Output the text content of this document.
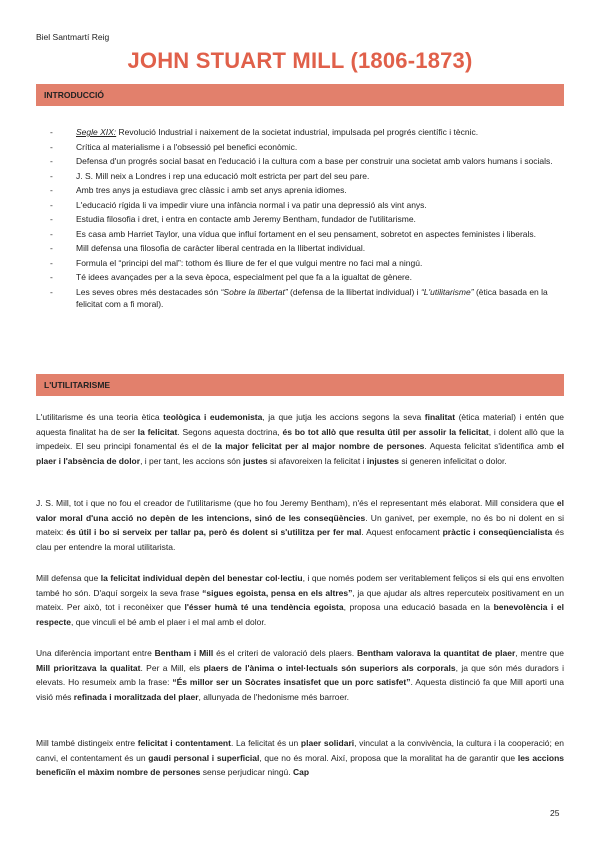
Biel Santmartí Reig
JOHN STUART MILL (1806-1873)
INTRODUCCIÓ
-	Segle XIX: Revolució Industrial i naixement de la societat industrial, impulsada pel progrés científic i tècnic.
-	Crítica al materialisme i a l'obsessió pel benefici econòmic.
-	Defensa d'un progrés social basat en l'educació i la cultura com a base per construir una societat amb valors humans i socials.
-	J. S. Mill neix a Londres i rep una educació molt estricta per part del seu pare.
-	Amb tres anys ja estudiava grec clàssic i amb set anys aprenia idiomes.
-	L'educació rígida li va impedir viure una infància normal i va patir una depressió als vint anys.
-	Estudia filosofia i dret, i entra en contacte amb Jeremy Bentham, fundador de l'utilitarisme.
-	Es casa amb Harriet Taylor, una vídua que influí fortament en el seu pensament, sobretot en aspectes feministes i liberals.
-	Mill defensa una filosofia de caràcter liberal centrada en la llibertat individual.
-	Formula el “principi del mal”: tothom és lliure de fer el que vulgui mentre no faci mal a ningú.
-	Té idees avançades per a la seva època, especialment pel que fa a la igualtat de gènere.
-	Les seves obres més destacades són “Sobre la llibertat” (defensa de la llibertat individual) i “L'utilitarisme” (ètica basada en la felicitat com a fi moral).
L'UTILITARISME

L'utilitarisme és una teoria ètica teològica i eudemonista, ja que jutja les accions segons la seva finalitat (ètica material) i entén que aquesta finalitat ha de ser la felicitat. Segons aquesta doctrina, és bo tot allò que resulta útil per assolir la felicitat, i dolent allò que la impedeix. El seu principi fonamental és el de la major felicitat per al major nombre de persones. Aquesta felicitat s'identifica amb el plaer i l'absència de dolor, i per tant, les accions són justes si afavoreixen la felicitat i injustes si generen infelicitat o dolor.

J. S. Mill, tot i que no fou el creador de l'utilitarisme (que ho fou Jeremy Bentham), n'és el representant més elaborat. Mill considera que el valor moral d'una acció no depèn de les intencions, sinó de les conseqüències. Un ganivet, per exemple, no és bo ni dolent en si mateix: és útil i bo si serveix per tallar pa, però és dolent si s'utilitza per fer mal. Aquest enfocament pràctic i conseqüencialista és clau per entendre la moral utilitarista.

Mill defensa que la felicitat individual depèn del benestar col·lectiu, i que només podem ser veritablement feliços si els qui ens envolten també ho són. D'aquí sorgeix la seva frase “sigues egoista, pensa en els altres”, ja que ajudar als altres repercuteix positivament en un mateix. Per això, tot i reconèixer que l'ésser humà té una tendència egoista, proposa una educació basada en la benevolència i el respecte, que vinculi el bé amb el plaer i el mal amb el dolor.

Una diferència important entre Bentham i Mill és el criteri de valoració dels plaers. Bentham valorava la quantitat de plaer, mentre que Mill prioritzava la qualitat. Per a Mill, els plaers de l'ànima o intel·lectuals són superiors als corporals, ja que són més duradors i elevats. Ho resumeix amb la frase: “És millor ser un Sòcrates insatisfet que un porc satisfet”. Aquesta distinció fa que Mill aporti una visió més refinada i moralitzada del plaer, allunyada de l'hedonisme més barroer.

Mill també distingeix entre felicitat i contentament. La felicitat és un plaer solidari, vinculat a la convivència, la cultura i la cooperació; en canvi, el contentament és un gaudi personal i superficial, que no és moral. Així, proposa que la moralitat ha de garantir que les accions beneficiïn el màxim nombre de persones sense perjudicar ningú. Cap

25
